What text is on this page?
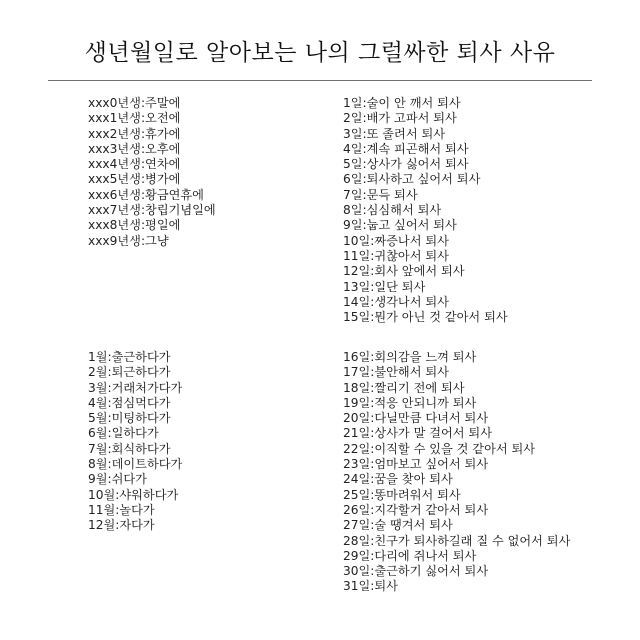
생년월일로 알아보는 나의 그럴싸한 퇴사 사유
xxx0년생:주말에
xxx1년생:오전에
xxx2년생:휴가에
xxx3년생:오후에
xxx4년생:연차에
xxx5년생:병가에
xxx6년생:황금연휴에
xxx7년생:창립기념일에
xxx8년생:평일에
xxx9년생:그냥
1월:출근하다가
2월:퇴근하다가
3월:거래처가다가
4월:점심먹다가
5월:미팅하다가
6월:일하다가
7월:회식하다가
8월:데이트하다가
9월:쉬다가
10월:샤워하다가
11월:놀다가
12월:자다가
1일:술이 안 깨서 퇴사
2일:배가 고파서 퇴사
3일:또 졸려서 퇴사
4일:계속 피곤해서 퇴사
5일:상사가 싫어서 퇴사
6일:퇴사하고 싶어서 퇴사
7일:문득 퇴사
8일:심심해서 퇴사
9일:눕고 싶어서 퇴사
10일:짜증나서 퇴사
11일:귀찮아서 퇴사
12일:회사 앞에서 퇴사
13일:일단 퇴사
14일:생각나서 퇴사
15일:뭔가 아닌 것 같아서 퇴사
16일:회의감을 느껴 퇴사
17일:불안해서 퇴사
18일:짤리기 전에 퇴사
19일:적응 안되니까 퇴사
20일:다닐만큼 다녀서 퇴사
21일:상사가 말 걸어서 퇴사
22일:이직할 수 있을 것 같아서 퇴사
23일:엄마보고 싶어서 퇴사
24일:꿈을 찾아 퇴사
25일:똥마려워서 퇴사
26일:지각할거 같아서 퇴사
27일:술 땡겨서 퇴사
28일:친구가 퇴사하길래 질 수 없어서 퇴사
29일:다리에 쥐나서 퇴사
30일:출근하기 싫어서 퇴사
31일:퇴사
